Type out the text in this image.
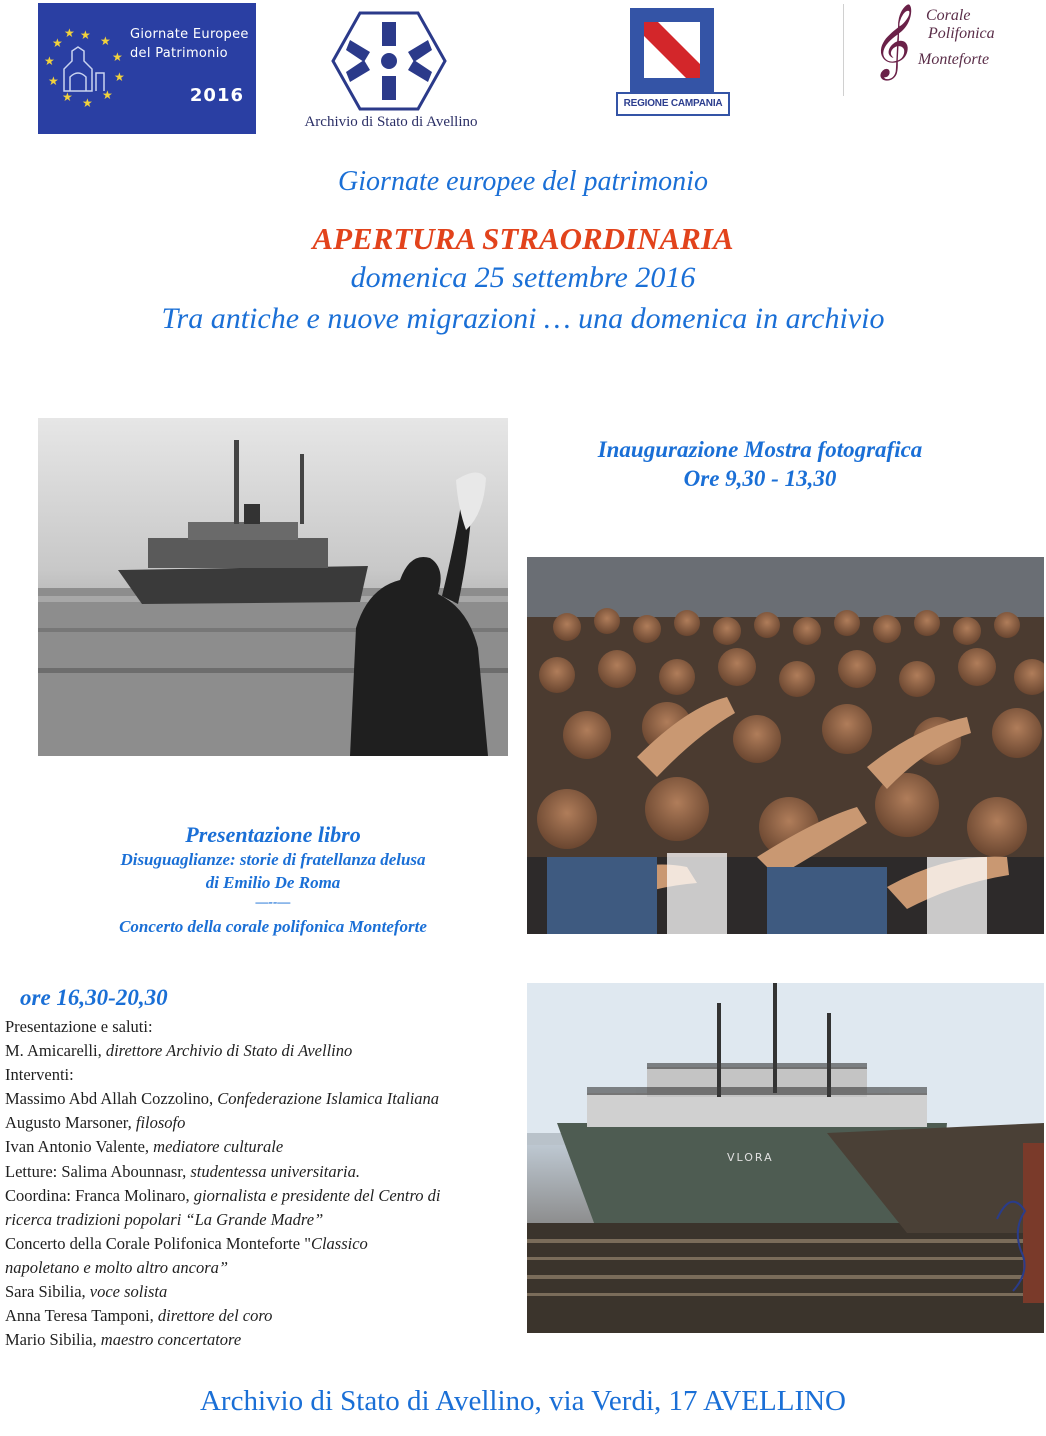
★ ★
★
★
★
★
★
★
★
★
★	Giornate Europee
del Patrimonio
2016
Archivio di Stato di Avellino
REGIONE CAMPANIA
𝄞 Corale
Polifonica
Monteforte
Giornate europee del patrimonio
APERTURA STRAORDINARIA
domenica 25 settembre 2016
Tra antiche e nuove migrazioni … una domenica in archivio
VLORA
Inaugurazione Mostra fotografica
Ore 9,30 - 13,30
Presentazione libro
Disuguaglianze: storie di fratellanza delusa
di Emilio De Roma
—--—
Concerto della corale polifonica Monteforte
ore 16,30-20,30
Presentazione e saluti:
M. Amicarelli, direttore Archivio di Stato di Avellino
Interventi:
Massimo Abd Allah Cozzolino, Confederazione Islamica Italiana
Augusto Marsoner, filosofo
Ivan Antonio Valente, mediatore culturale
Letture: Salima Abounnasr, studentessa universitaria.
Coordina: Franca Molinaro, giornalista e presidente del Centro di
ricerca tradizioni popolari “La Grande Madre”
Concerto della Corale Polifonica Monteforte "Classico
napoletano e molto altro ancora”
Sara Sibilia, voce solista
Anna Teresa Tamponi, direttore del coro
Mario Sibilia, maestro concertatore
Archivio di Stato di Avellino, via Verdi, 17 AVELLINO
